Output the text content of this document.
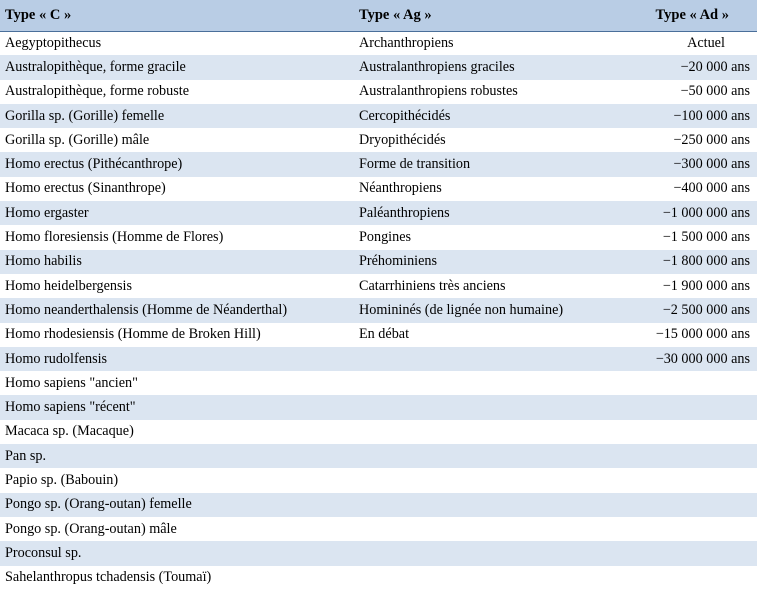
Type « C »	Type « Ag »	Type « Ad »
Aegyptopithecus	Archanthropiens	Actuel
Australopithèque, forme gracile	Australanthropiens graciles	−20 000 ans
Australopithèque, forme robuste	Australanthropiens robustes	−50 000 ans
Gorilla sp. (Gorille) femelle	Cercopithécidés	−100 000 ans
Gorilla sp. (Gorille) mâle	Dryopithécidés	−250 000 ans
Homo erectus (Pithécanthrope)	Forme de transition	−300 000 ans
Homo erectus (Sinanthrope)	Néanthropiens	−400 000 ans
Homo ergaster	Paléanthropiens	−1 000 000 ans
Homo floresiensis (Homme de Flores)	Pongines	−1 500 000 ans
Homo habilis	Préhominiens	−1 800 000 ans
Homo heidelbergensis	Catarrhiniens très anciens	−1 900 000 ans
Homo neanderthalensis (Homme de Néanderthal)	Homininés (de lignée non humaine)	−2 500 000 ans
Homo rhodesiensis (Homme de Broken Hill)	En débat	−15 000 000 ans
Homo rudolfensis		−30 000 000 ans
Homo sapiens "ancien"		
Homo sapiens "récent"		
Macaca sp. (Macaque)		
Pan sp.		
Papio sp. (Babouin)		
Pongo sp. (Orang-outan) femelle		
Pongo sp. (Orang-outan) mâle		
Proconsul sp.		
Sahelanthropus tchadensis (Toumaï)		
